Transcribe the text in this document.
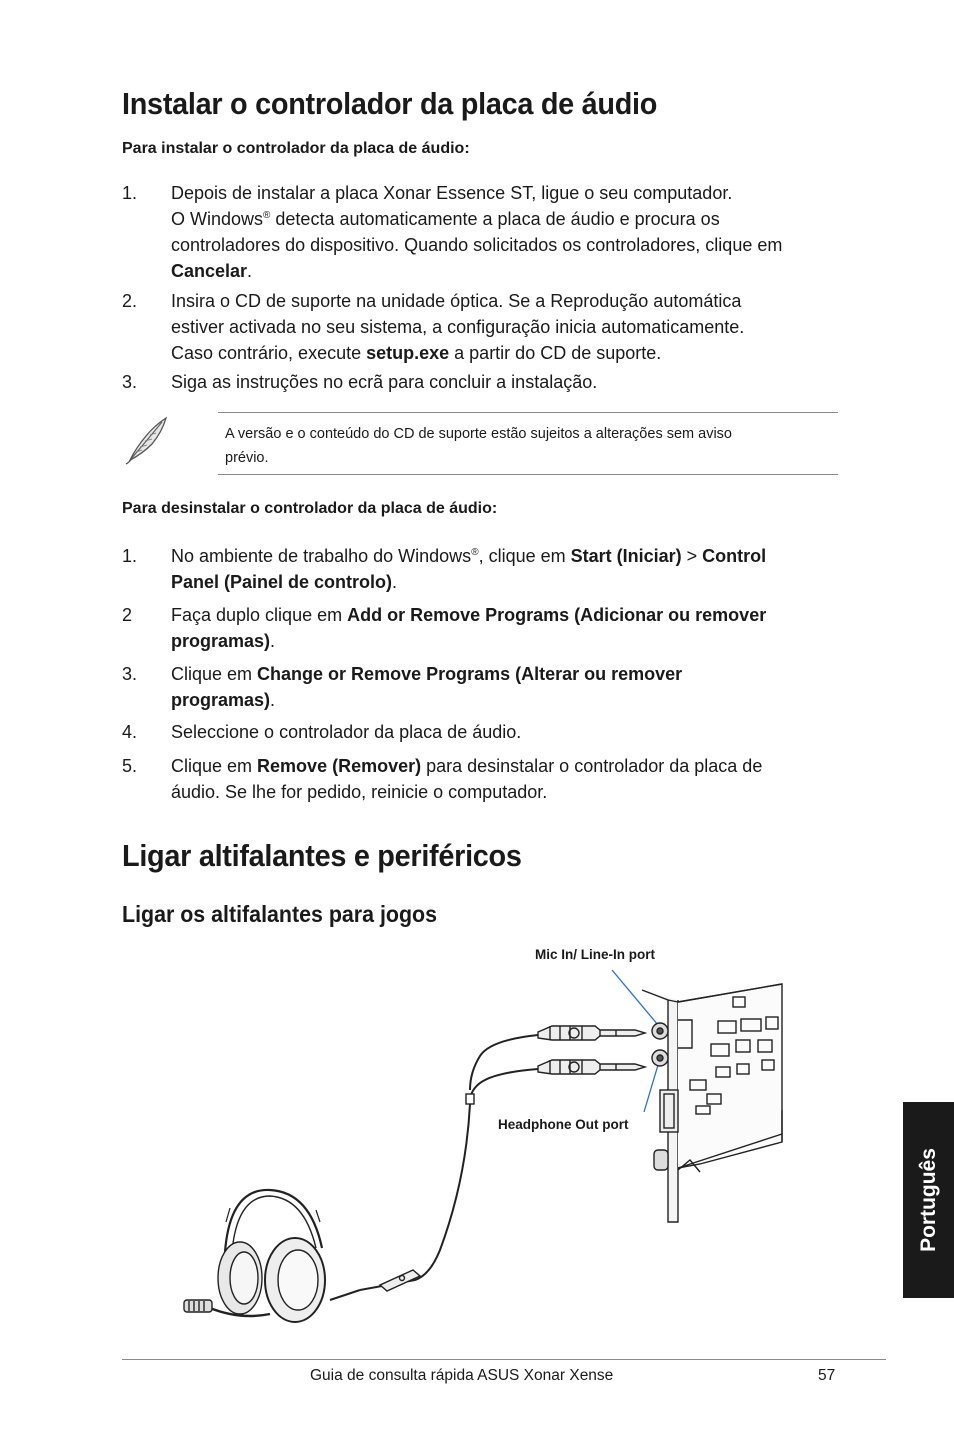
Instalar o controlador da placa de áudio
Para instalar o controlador da placa de áudio:
1. Depois de instalar a placa Xonar Essence ST, ligue o seu computador.
O Windows® detecta automaticamente a placa de áudio e procura os
controladores do dispositivo. Quando solicitados os controladores, clique em
Cancelar.
2. Insira o CD de suporte na unidade óptica. Se a Reprodução automática
estiver activada no seu sistema, a configuração inicia automaticamente.
Caso contrário, execute setup.exe a partir do CD de suporte.
3. Siga as instruções no ecrã para concluir a instalação.
A versão e o conteúdo do CD de suporte estão sujeitos a alterações sem aviso
prévio.
Para desinstalar o controlador da placa de áudio:
1. No ambiente de trabalho do Windows®, clique em Start (Iniciar) > Control
Panel (Painel de controlo).
2 Faça duplo clique em Add or Remove Programs (Adicionar ou remover
programas).
3. Clique em Change or Remove Programs (Alterar ou remover
programas).
4. Seleccione o controlador da placa de áudio.
5. Clique em Remove (Remover) para desinstalar o controlador da placa de
áudio. Se lhe for pedido, reinicie o computador.
Ligar altifalantes e periféricos
Ligar os altifalantes para jogos
Mic In/ Line-In port
Headphone Out port
Português
Guia de consulta rápida ASUS Xonar Xense	57
